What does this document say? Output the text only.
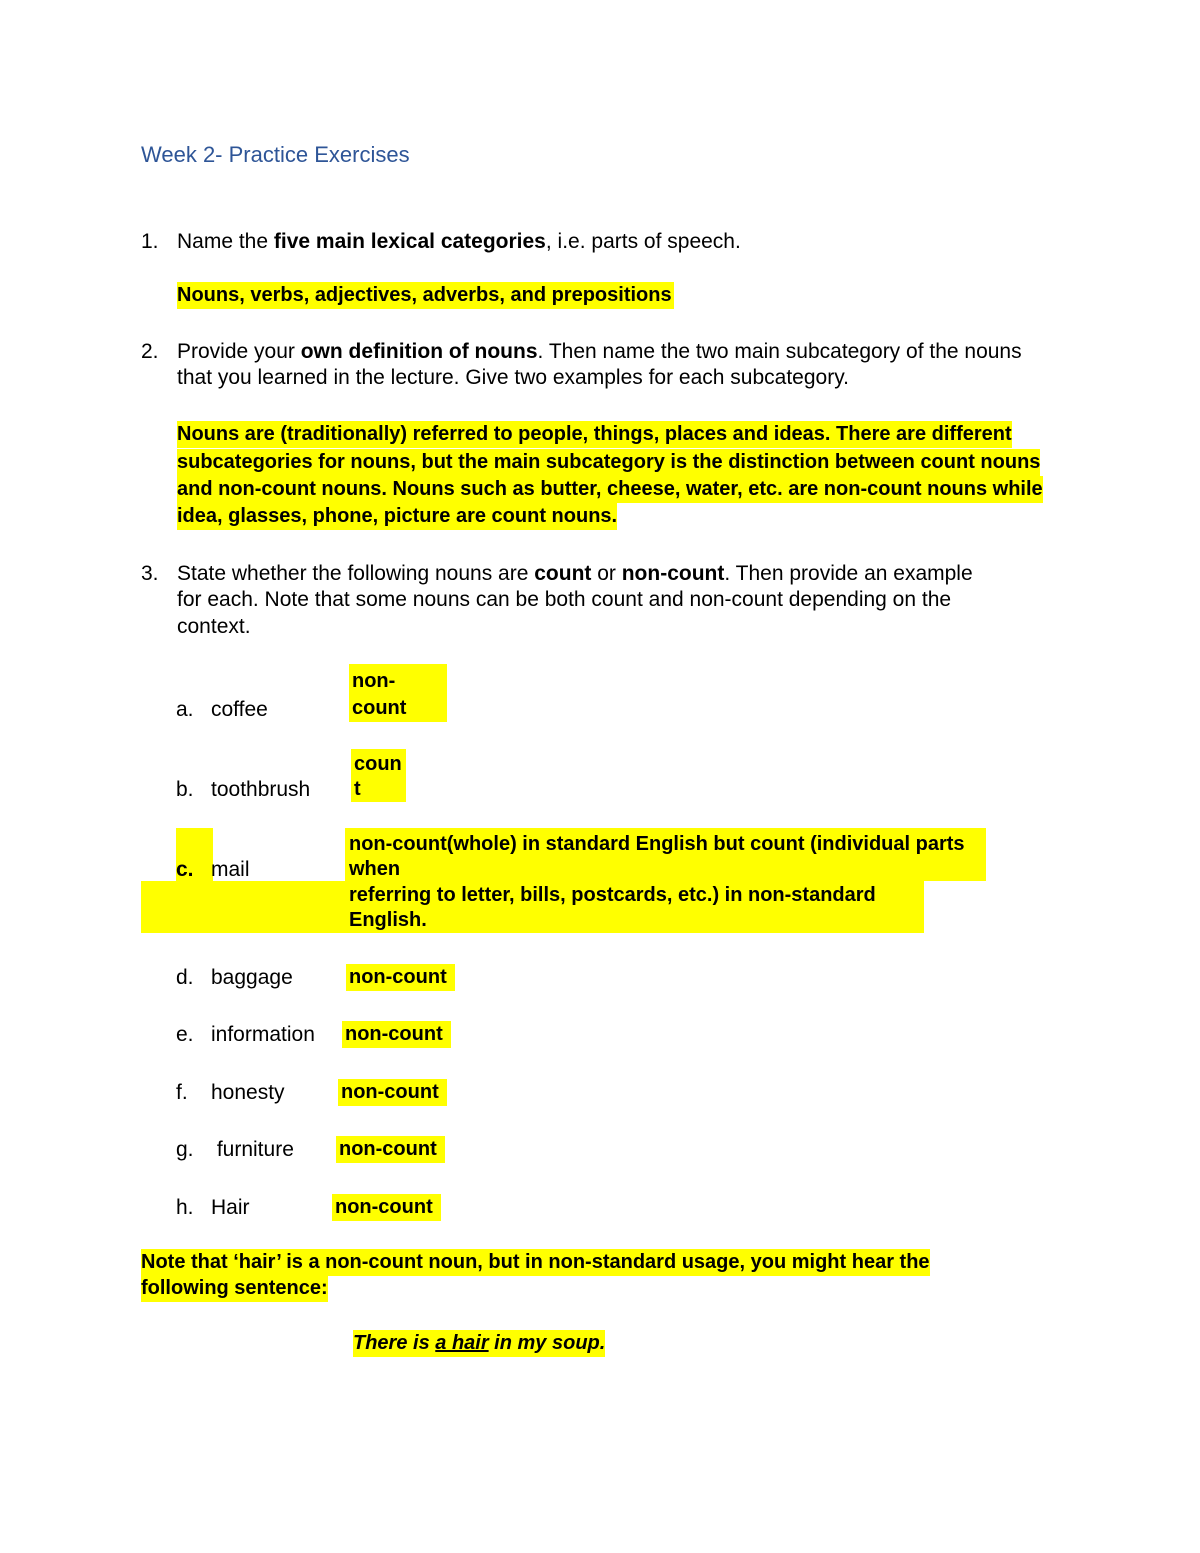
Week 2- Practice Exercises
1. Name the five main lexical categories, i.e. parts of speech.
Nouns, verbs, adjectives, adverbs, and prepositions
2. Provide your own definition of nouns. Then name the two main subcategory of the nouns
that you learned in the lecture. Give two examples for each subcategory.
Nouns are (traditionally) referred to people, things, places and ideas. There are different
subcategories for nouns, but the main subcategory is the distinction between count nouns
and non-count nouns. Nouns such as butter, cheese, water, etc. are non-count nouns while
idea, glasses, phone, picture are count nouns.
3. State whether the following nouns are count or non-count. Then provide an example
for each. Note that some nouns can be both count and non-count depending on the
context.
a. coffee
non-
count
b. toothbrush
coun
t
c. mail
non-count(whole) in standard English but count (individual parts
when
referring to letter, bills, postcards, etc.) in non-standard
English.
d. baggage	non-count
e. information non-count
f. honesty	non-count
g. furniture non-count
h. Hair	non-count
Note that ‘hair’ is a non-count noun, but in non-standard usage, you might hear the
following sentence:
There is a hair in my soup.
